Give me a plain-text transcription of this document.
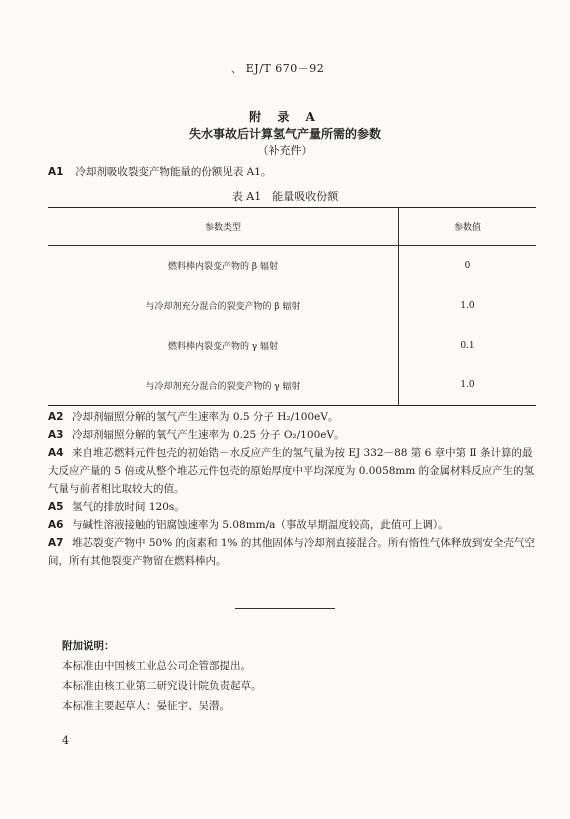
、 EJ/T 670－92
附 录 A
失水事故后计算氢气产量所需的参数
（补充件）
A1 冷却剂吸收裂变产物能量的份额见表 A1。
表 A1　能量吸收份额
参数类型	参数值
燃料棒内裂变产物的 β 辐射	0
与冷却剂充分混合的裂变产物的 β 辐射	1.0
燃料棒内裂变产物的 γ 辐射	0.1
与冷却剂充分混合的裂变产物的 γ 辐射	1.0
A2 冷却剂辐照分解的氢气产生速率为 0.5 分子 H₂/100eV。
A3 冷却剂辐照分解的氧气产生速率为 0.25 分子 O₂/100eV。
A4 来自堆芯燃料元件包壳的初始锆－水反应产生的氢气量为按 EJ 332－88 第 6 章中第 Ⅱ 条计算的最大反应产量的 5 倍或从整个堆芯元件包壳的原始厚度中平均深度为 0.0058mm 的金属材料反应产生的氢气量与前者相比取较大的值。
A5 氢气的排放时间 120s。
A6 与碱性溶液接触的铝腐蚀速率为 5.08mm/a（事故早期温度较高，此值可上调）。
A7 堆芯裂变产物中 50% 的卤素和 1% 的其他固体与冷却剂直接混合。所有惰性气体释放到安全壳气空间，所有其他裂变产物留在燃料棒内。
附加说明：
本标准由中国核工业总公司企管部提出。
本标准由核工业第二研究设计院负责起草。
本标准主要起草人：晏征宇、吴潜。
4
